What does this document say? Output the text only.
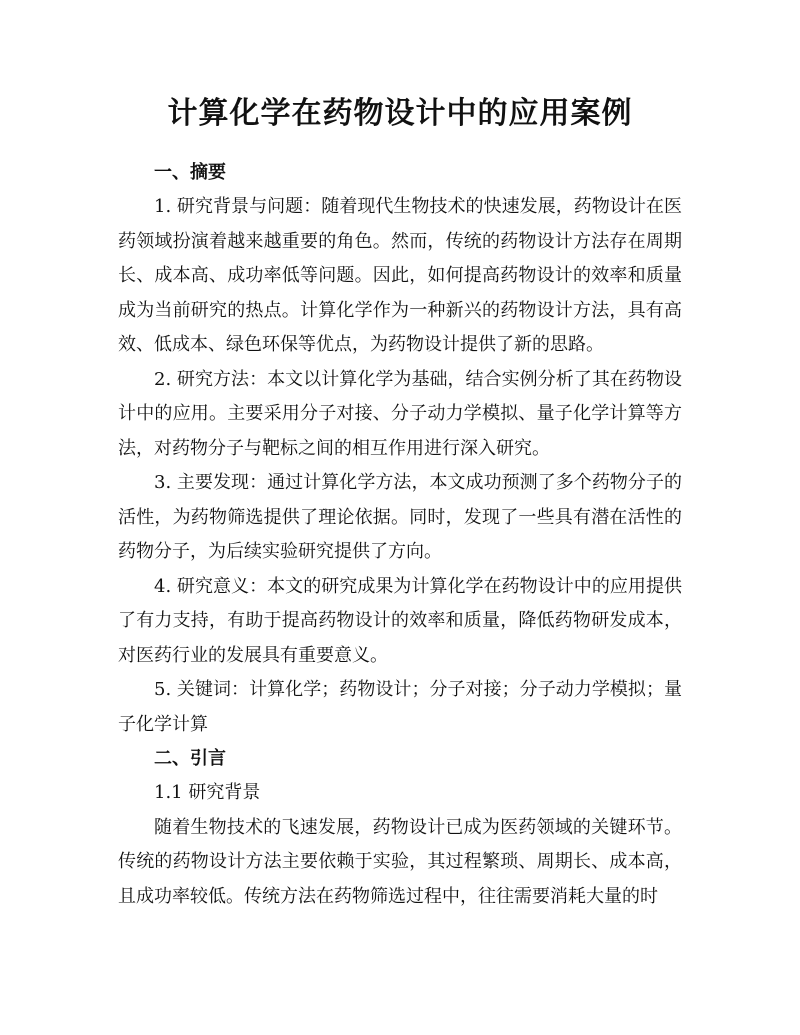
计算化学在药物设计中的应用案例

一、摘要

1. 研究背景与问题：随着现代生物技术的快速发展，药物设计在医药领域扮演着越来越重要的角色。然而，传统的药物设计方法存在周期长、成本高、成功率低等问题。因此，如何提高药物设计的效率和质量成为当前研究的热点。计算化学作为一种新兴的药物设计方法，具有高效、低成本、绿色环保等优点，为药物设计提供了新的思路。

2. 研究方法：本文以计算化学为基础，结合实例分析了其在药物设计中的应用。主要采用分子对接、分子动力学模拟、量子化学计算等方法，对药物分子与靶标之间的相互作用进行深入研究。

3. 主要发现：通过计算化学方法，本文成功预测了多个药物分子的活性，为药物筛选提供了理论依据。同时，发现了一些具有潜在活性的药物分子，为后续实验研究提供了方向。

4. 研究意义：本文的研究成果为计算化学在药物设计中的应用提供了有力支持，有助于提高药物设计的效率和质量，降低药物研发成本，对医药行业的发展具有重要意义。

5. 关键词：计算化学；药物设计；分子对接；分子动力学模拟；量子化学计算

二、引言

1.1 研究背景

随着生物技术的飞速发展，药物设计已成为医药领域的关键环节。传统的药物设计方法主要依赖于实验，其过程繁琐、周期长、成本高，且成功率较低。传统方法在药物筛选过程中，往往需要消耗大量的时
